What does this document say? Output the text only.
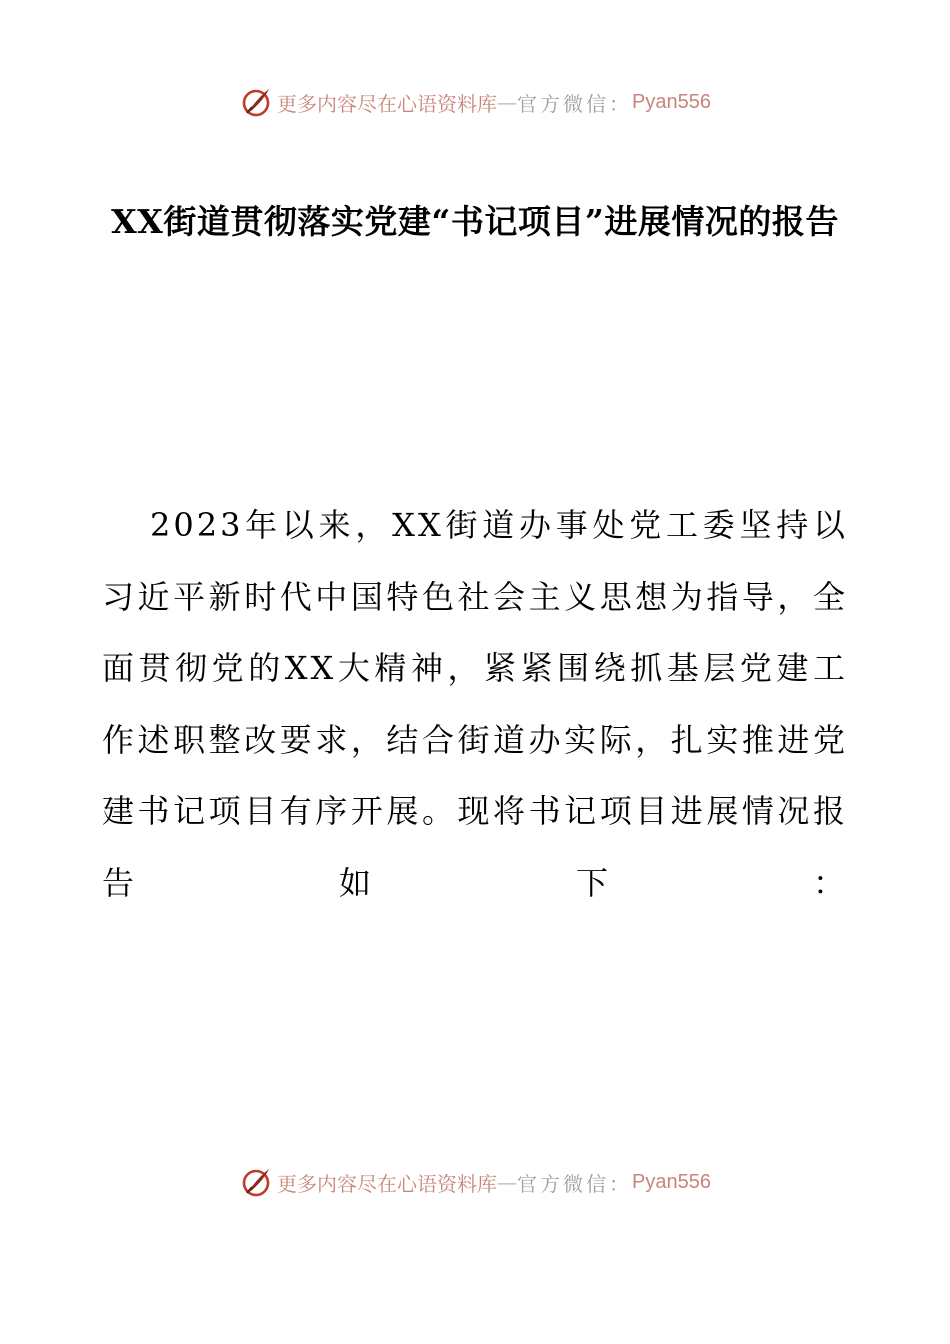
更多内容尽在心语资料库 — 官方微信： Pyan556
XX街道贯彻落实党建“书记项目”进展情况的报告
2023年以来，XX街道办事处党工委坚持以习近平新时代中国特色社会主义思想为指导，全面贯彻党的XX大精神，紧紧围绕抓基层党建工作述职整改要求，结合街道办实际，扎实推进党建书记项目有序开展。现将书记项目进展情况报告如下：
更多内容尽在心语资料库 — 官方微信： Pyan556
